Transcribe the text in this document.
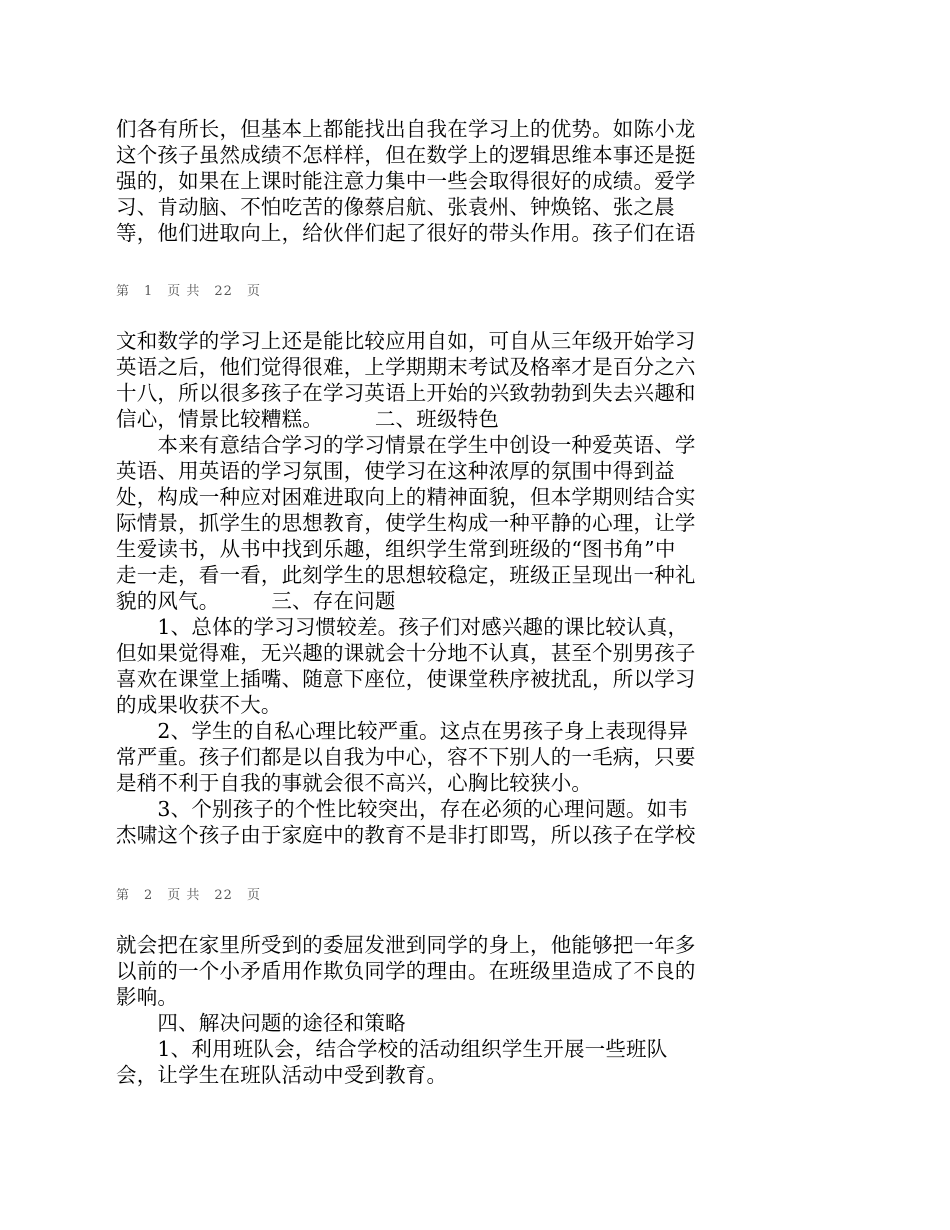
们各有所长，但基本上都能找出自我在学习上的优势。如陈小龙
这个孩子虽然成绩不怎样样，但在数学上的逻辑思维本事还是挺
强的，如果在上课时能注意力集中一些会取得很好的成绩。爱学
习、肯动脑、不怕吃苦的像蔡启航、张袁州、钟焕铭、张之晨
等，他们进取向上，给伙伴们起了很好的带头作用。孩子们在语
第　1　页 共　22　页
文和数学的学习上还是能比较应用自如，可自从三年级开始学习
英语之后，他们觉得很难，上学期期末考试及格率才是百分之六
十八，所以很多孩子在学习英语上开始的兴致勃勃到失去兴趣和
信心，情景比较糟糕。　　　二、班级特色
　　本来有意结合学习的学习情景在学生中创设一种爱英语、学
英语、用英语的学习氛围，使学习在这种浓厚的氛围中得到益
处，构成一种应对困难进取向上的精神面貌，但本学期则结合实
际情景，抓学生的思想教育，使学生构成一种平静的心理，让学
生爱读书，从书中找到乐趣，组织学生常到班级的“图书角”中
走一走，看一看，此刻学生的思想较稳定，班级正呈现出一种礼
貌的风气。　　　三、存在问题
　　1、总体的学习习惯较差。孩子们对感兴趣的课比较认真，
但如果觉得难，无兴趣的课就会十分地不认真，甚至个别男孩子
喜欢在课堂上插嘴、随意下座位，使课堂秩序被扰乱，所以学习
的成果收获不大。
　　2、学生的自私心理比较严重。这点在男孩子身上表现得异
常严重。孩子们都是以自我为中心，容不下别人的一毛病，只要
是稍不利于自我的事就会很不高兴，心胸比较狭小。
　　3、个别孩子的个性比较突出，存在必须的心理问题。如韦
杰啸这个孩子由于家庭中的教育不是非打即骂，所以孩子在学校
第　2　页 共　22　页
就会把在家里所受到的委屈发泄到同学的身上，他能够把一年多
以前的一个小矛盾用作欺负同学的理由。在班级里造成了不良的
影响。
　　四、解决问题的途径和策略
　　1、利用班队会，结合学校的活动组织学生开展一些班队
会，让学生在班队活动中受到教育。
